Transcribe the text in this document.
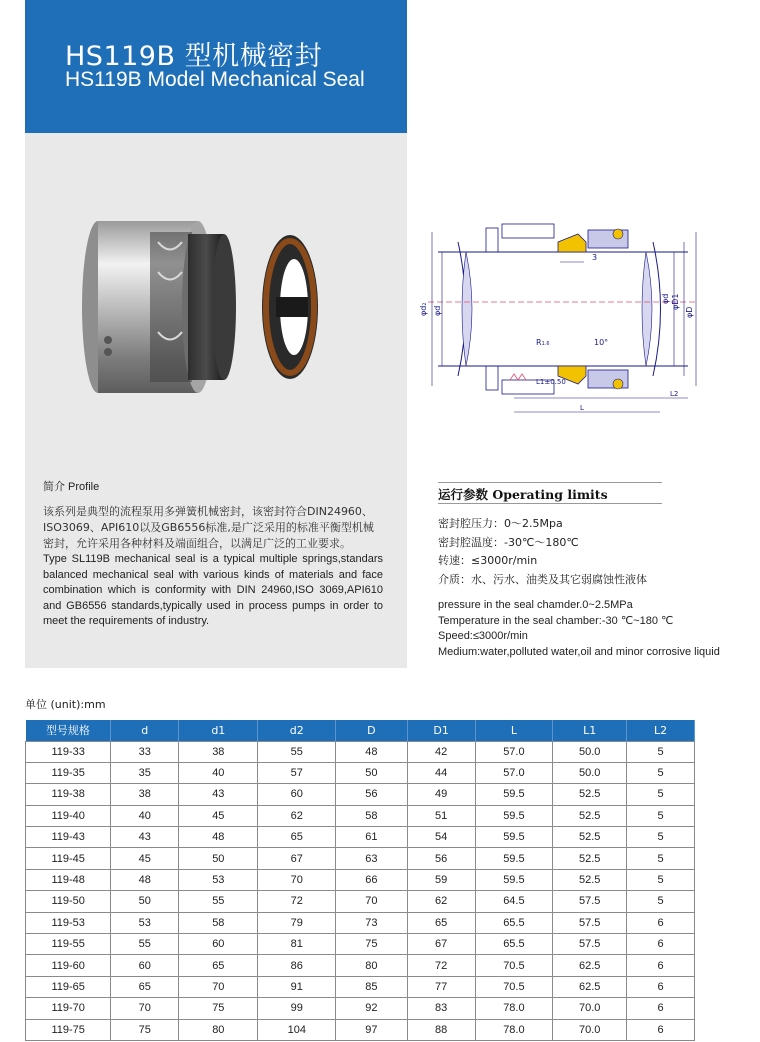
HS119B 型机械密封
HS119B Model Mechanical Seal
φd₂ φd
φd φD1
φD
3
R1.6	10°
L1±0.50
L
L2
简介 Profile
该系列是典型的流程泵用多弹簧机械密封，该密封符合DIN24960、ISO3069、API610以及GB6556标准,是广泛采用的标准平衡型机械密封，允许采用各种材料及端面组合，以满足广泛的工业要求。
Type SL119B mechanical seal is a typical multiple springs,standars balanced mechanical seal with various kinds of materials and face combination which is conformity with DIN 24960,ISO 3069,API610 and GB6556 standards,typically used in process pumps in order to meet the requirements of industry.
运行参数 Operating limits
密封腔压力：0～2.5Mpa
密封腔温度：-30℃～180℃
转速：≤3000r/min
介质：水、污水、油类及其它弱腐蚀性液体
pressure in the seal chamder.0~2.5MPa
Temperature in the seal chamber:-30 ℃~180 ℃
Speed:≤3000r/min
Medium:water,polluted water,oil and minor corrosive liquid
单位 (unit):mm
型号规格	d	d1	d2	D	D1	L	L1	L2
119-33	33	38	55	48	42	57.0	50.0	5
119-35	35	40	57	50	44	57.0	50.0	5
119-38	38	43	60	56	49	59.5	52.5	5
119-40	40	45	62	58	51	59.5	52.5	5
119-43	43	48	65	61	54	59.5	52.5	5
119-45	45	50	67	63	56	59.5	52.5	5
119-48	48	53	70	66	59	59.5	52.5	5
119-50	50	55	72	70	62	64.5	57.5	5
119-53	53	58	79	73	65	65.5	57.5	6
119-55	55	60	81	75	67	65.5	57.5	6
119-60	60	65	86	80	72	70.5	62.5	6
119-65	65	70	91	85	77	70.5	62.5	6
119-70	70	75	99	92	83	78.0	70.0	6
119-75	75	80	104	97	88	78.0	70.0	6
